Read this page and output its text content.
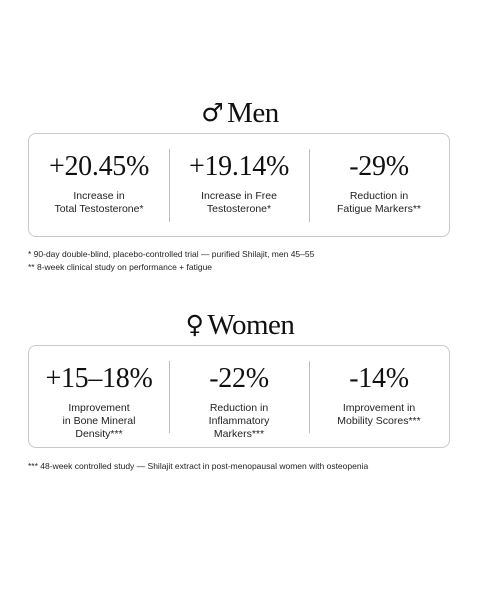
♂ Men
+20.45%
Increase in
Total Testosterone*
+19.14%
Increase in Free
Testosterone*
-29%
Reduction in
Fatigue Markers**
* 90-day double-blind, placebo-controlled trial — purified Shilajit, men 45–55
** 8-week clinical study on performance + fatigue
♀ Women
+15–18%
Improvement
in Bone Mineral
Density***
-22%
Reduction in
Inflammatory
Markers***
-14%
Improvement in
Mobility Scores***
*** 48-week controlled study — Shilajit extract in post-menopausal women with osteopenia
